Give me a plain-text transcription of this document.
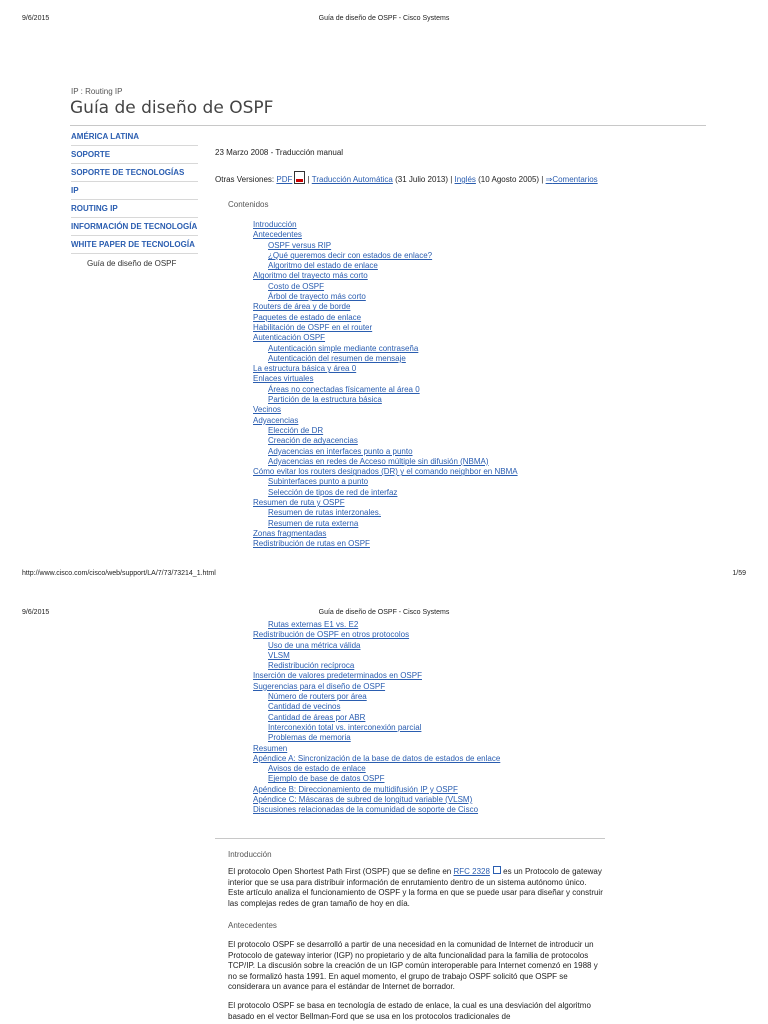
9/6/2015	Guía de diseño de OSPF - Cisco Systems
IP : Routing IP
Guía de diseño de OSPF
AMÉRICA LATINA
SOPORTE
SOPORTE DE TECNOLOGÍAS
IP
ROUTING IP
INFORMACIÓN DE TECNOLOGÍA
WHITE PAPER DE TECNOLOGÍA
Guía de diseño de OSPF
23 Marzo 2008 - Traducción manual
Otras Versiones: PDF | Traducción Automática (31 Julio 2013) | Inglés (10 Agosto 2005) | ⇒Comentarios
Contenidos
Introducción
Antecedentes
OSPF versus RIP
¿Qué queremos decir con estados de enlace?
Algoritmo del estado de enlace
Algoritmo del trayecto más corto
Costo de OSPF
Árbol de trayecto más corto
Routers de área y de borde
Paquetes de estado de enlace
Habilitación de OSPF en el router
Autenticación OSPF
Autenticación simple mediante contraseña
Autenticación del resumen de mensaje
La estructura básica y área 0
Enlaces virtuales
Áreas no conectadas físicamente al área 0
Partición de la estructura básica
Vecinos
Adyacencias
Elección de DR
Creación de adyacencias
Adyacencias en interfaces punto a punto
Adyacencias en redes de Acceso múltiple sin difusión (NBMA)
Cómo evitar los routers designados (DR) y el comando neighbor en NBMA
Subinterfaces punto a punto
Selección de tipos de red de interfaz
Resumen de ruta y OSPF
Resumen de rutas interzonales.
Resumen de ruta externa
Zonas fragmentadas
Redistribución de rutas en OSPF
http://www.cisco.com/cisco/web/support/LA/7/73/73214_1.html	1/59
9/6/2015	Guía de diseño de OSPF - Cisco Systems
Rutas externas E1 vs. E2
Redistribución de OSPF en otros protocolos
Uso de una métrica válida
VLSM
Redistribución recíproca
Inserción de valores predeterminados en OSPF
Sugerencias para el diseño de OSPF
Número de routers por área
Cantidad de vecinos
Cantidad de áreas por ABR
Interconexión total vs. interconexión parcial
Problemas de memoria
Resumen
Apéndice A: Sincronización de la base de datos de estados de enlace
Avisos de estado de enlace
Ejemplo de base de datos OSPF
Apéndice B: Direccionamiento de multidifusión IP y OSPF
Apéndice C: Máscaras de subred de longitud variable (VLSM)
Discusiones relacionadas de la comunidad de soporte de Cisco
Introducción
El protocolo Open Shortest Path First (OSPF) que se define en RFC 2328 es un Protocolo de gateway interior que se usa para distribuir información de enrutamiento dentro de un sistema autónomo único. Este artículo analiza el funcionamiento de OSPF y la forma en que se puede usar para diseñar y construir las complejas redes de gran tamaño de hoy en día.
Antecedentes
El protocolo OSPF se desarrolló a partir de una necesidad en la comunidad de Internet de introducir un Protocolo de gateway interior (IGP) no propietario y de alta funcionalidad para la familia de protocolos TCP/IP. La discusión sobre la creación de un IGP común interoperable para Internet comenzó en 1988 y no se formalizó hasta 1991. En aquel momento, el grupo de trabajo OSPF solicitó que OSPF se considerara un avance para el estándar de Internet de borrador.
El protocolo OSPF se basa en tecnología de estado de enlace, la cual es una desviación del algoritmo basado en el vector Bellman-Ford que se usa en los protocolos tradicionales de
